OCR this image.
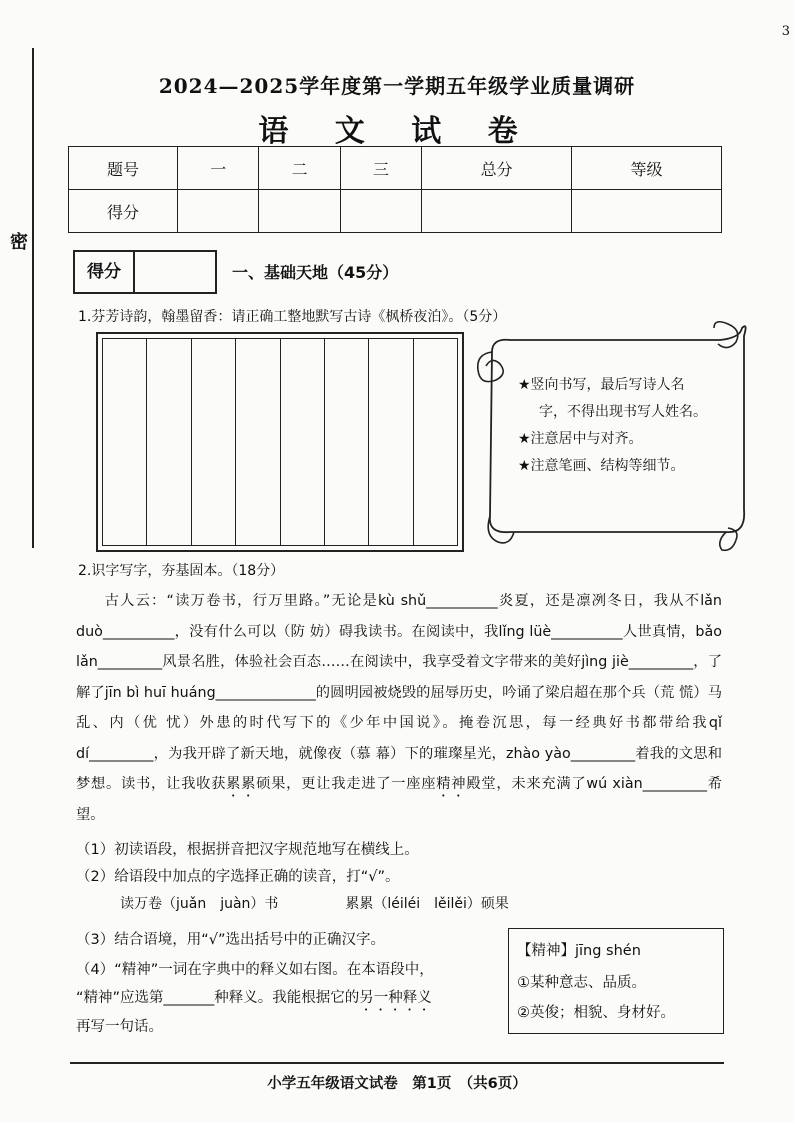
3
密
2024—2025学年度第一学期五年级学业质量调研
语 文 试 卷
题号	一	二	三	总分	等级
得分					
得分	一、基础天地（45分）
1.芬芳诗韵，翰墨留香：请正确工整地默写古诗《枫桥夜泊》。（5分）
★竖向书写，最后写诗人名
字，不得出现书写人姓名。
★注意居中与对齐。
★注意笔画、结构等细节。
2.识字写字，夯基固本。（18分）

古人云：“读万卷书，行万里路。”无论是kù shǔ__________炎夏，还是凛冽冬日，我从不lǎn duò__________，没有什么可以（防 妨）碍我读书。在阅读中，我lǐng lüè__________人世真情，bǎo lǎn_________风景名胜，体验社会百态……在阅读中，我享受着文字带来的美好jìng jiè_________，了解了jīn bì huī huáng______________的圆明园被烧毁的屈辱历史，吟诵了梁启超在那个兵（荒 慌）马乱、内（优 忧）外患的时代写下的《少年中国说》。掩卷沉思，每一经典好书都带给我qǐ dí_________，为我开辟了新天地，就像夜（慕 幕）下的璀璨星光，zhào yào_________着我的文思和梦想。读书，让我收获累累硕果，更让我走进了一座座精神殿堂，未来充满了wú xiàn_________希望。

（1）初读语段，根据拼音把汉字规范地写在横线上。
（2）给语段中加点的字选择正确的读音，打“√”。
读万卷（juǎn　juàn）书	累累（léiléi　lěilěi）硕果
（3）结合语境，用“√”选出括号中的正确汉字。
（4）“精神”一词在字典中的释义如右图。在本语段中，
“精神”应选第_______种释义。我能根据它的另一种释义
再写一句话。
【精神】jīng shén
①某种意志、品质。
②英俊；相貌、身材好。
小学五年级语文试卷　第1页　（共6页）
